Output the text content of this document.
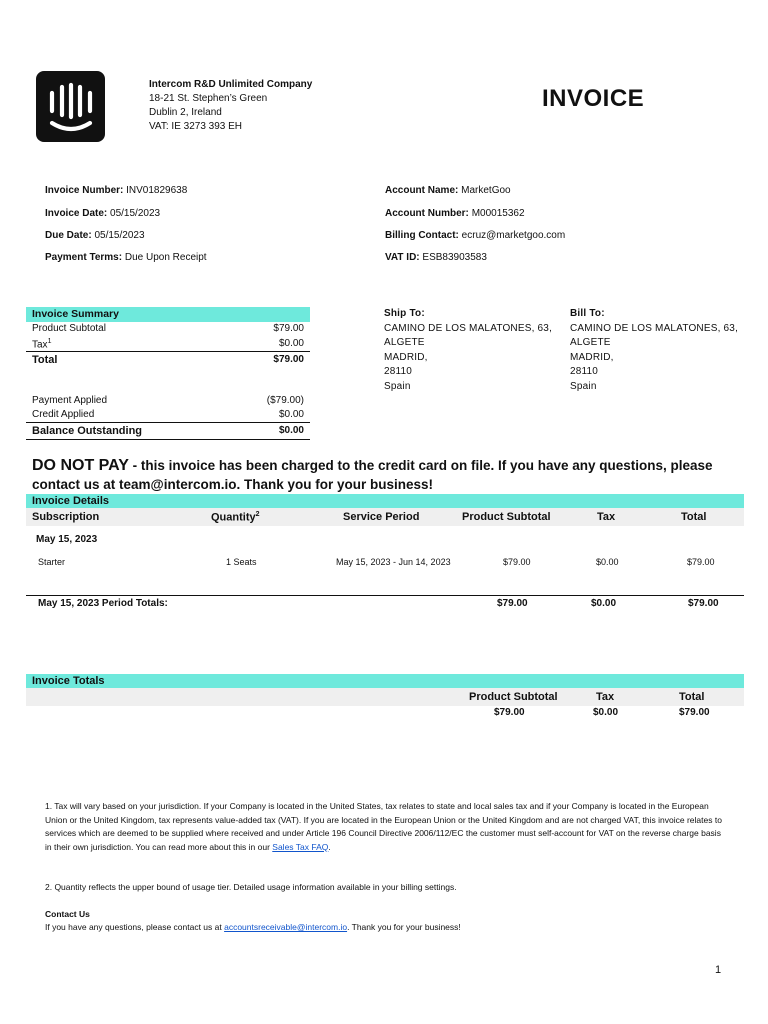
Intercom R&D Unlimited Company
18-21 St. Stephen’s Green
Dublin 2, Ireland
VAT: IE 3273 393 EH
INVOICE
Invoice Number: INV01829638
Invoice Date: 05/15/2023
Due Date: 05/15/2023
Payment Terms: Due Upon Receipt
Account Name: MarketGoo
Account Number: M00015362
Billing Contact: ecruz@marketgoo.com
VAT ID: ESB83903583
Invoice Summary
Product Subtotal	$79.00
Tax$^1$	$0.00
Total	$79.00
Payment Applied	($79.00)
Credit Applied	$0.00
Balance Outstanding	$0.00
Ship To:
CAMINO DE LOS MALATONES, 63,
ALGETE
MADRID,
28110
Spain
Bill To:
CAMINO DE LOS MALATONES, 63,
ALGETE
MADRID,
28110
Spain
DO NOT PAY - this invoice has been charged to the credit card on file. If you have any questions, please contact us at team@intercom.io. Thank you for your business!
Invoice Details
Subscription	Quantity$^2$	Service Period	Product Subtotal	Tax	Total
May 15, 2023
Starter	1 Seats	May 15, 2023 - Jun 14, 2023	$79.00	$0.00	$79.00
May 15, 2023 Period Totals:	$79.00	$0.00	$79.00
Invoice Totals
Product Subtotal	Tax	Total
$79.00	$0.00	$79.00
1. Tax will vary based on your jurisdiction. If your Company is located in the United States, tax relates to state and local sales tax and if your Company is located in the European Union or the United Kingdom, tax represents value-added tax (VAT). If you are located in the European Union or the United Kingdom and are not charged VAT, this invoice relates to services which are deemed to be supplied where received and under Article 196 Council Directive 2006/112/EC the customer must self-account for VAT on the reverse charge basis in their own jurisdiction. You can read more about this in our Sales Tax FAQ.
2. Quantity reflects the upper bound of usage tier. Detailed usage information available in your billing settings.
Contact Us
If you have any questions, please contact us at accountsreceivable@intercom.io. Thank you for your business!
1
